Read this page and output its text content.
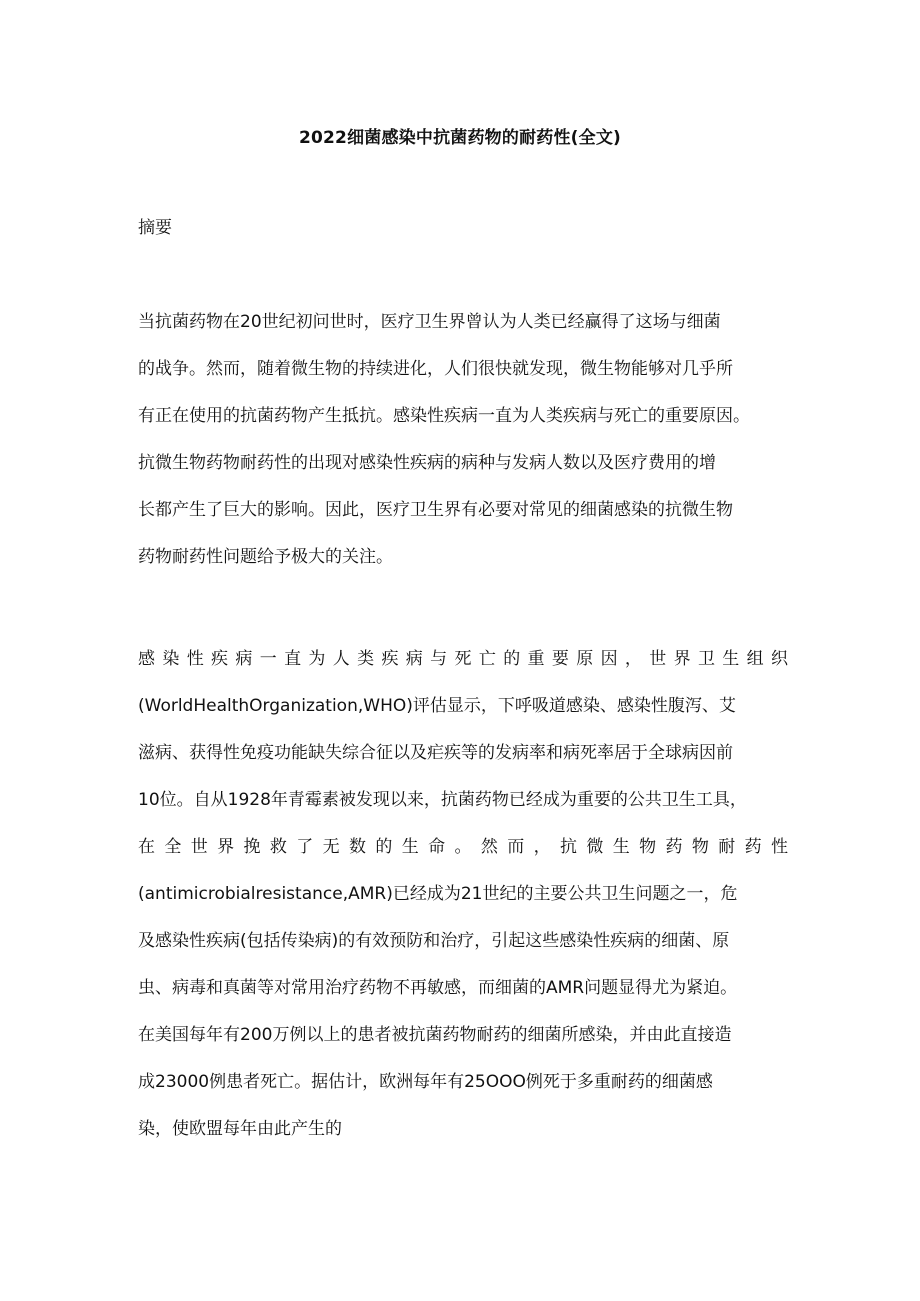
2022细菌感染中抗菌药物的耐药性(全文)
摘要
当抗菌药物在20世纪初问世时，医疗卫生界曾认为人类已经赢得了这场与细菌
的战争。然而，随着微生物的持续进化，人们很快就发现，微生物能够对几乎所
有正在使用的抗菌药物产生抵抗。感染性疾病一直为人类疾病与死亡的重要原因。
抗微生物药物耐药性的出现对感染性疾病的病种与发病人数以及医疗费用的增
长都产生了巨大的影响。因此，医疗卫生界有必要对常见的细菌感染的抗微生物
药物耐药性问题给予极大的关注。
感染性疾病一直为人类疾病与死亡的重要原因，世界卫生组织
(WorldHealthOrganization,WHO)评估显示，下呼吸道感染、感染性腹泻、艾
滋病、获得性免疫功能缺失综合征以及疟疾等的发病率和病死率居于全球病因前
10位。自从1928年青霉素被发现以来，抗菌药物已经成为重要的公共卫生工具，
在全世界挽救了无数的生命。然而，抗微生物药物耐药性
(antimicrobialresistance,AMR)已经成为21世纪的主要公共卫生问题之一，危
及感染性疾病(包括传染病)的有效预防和治疗，引起这些感染性疾病的细菌、原
虫、病毒和真菌等对常用治疗药物不再敏感，而细菌的AMR问题显得尤为紧迫。
在美国每年有200万例以上的患者被抗菌药物耐药的细菌所感染，并由此直接造
成23000例患者死亡。据估计，欧洲每年有25OOO例死于多重耐药的细菌感
染，使欧盟每年由此产生的
